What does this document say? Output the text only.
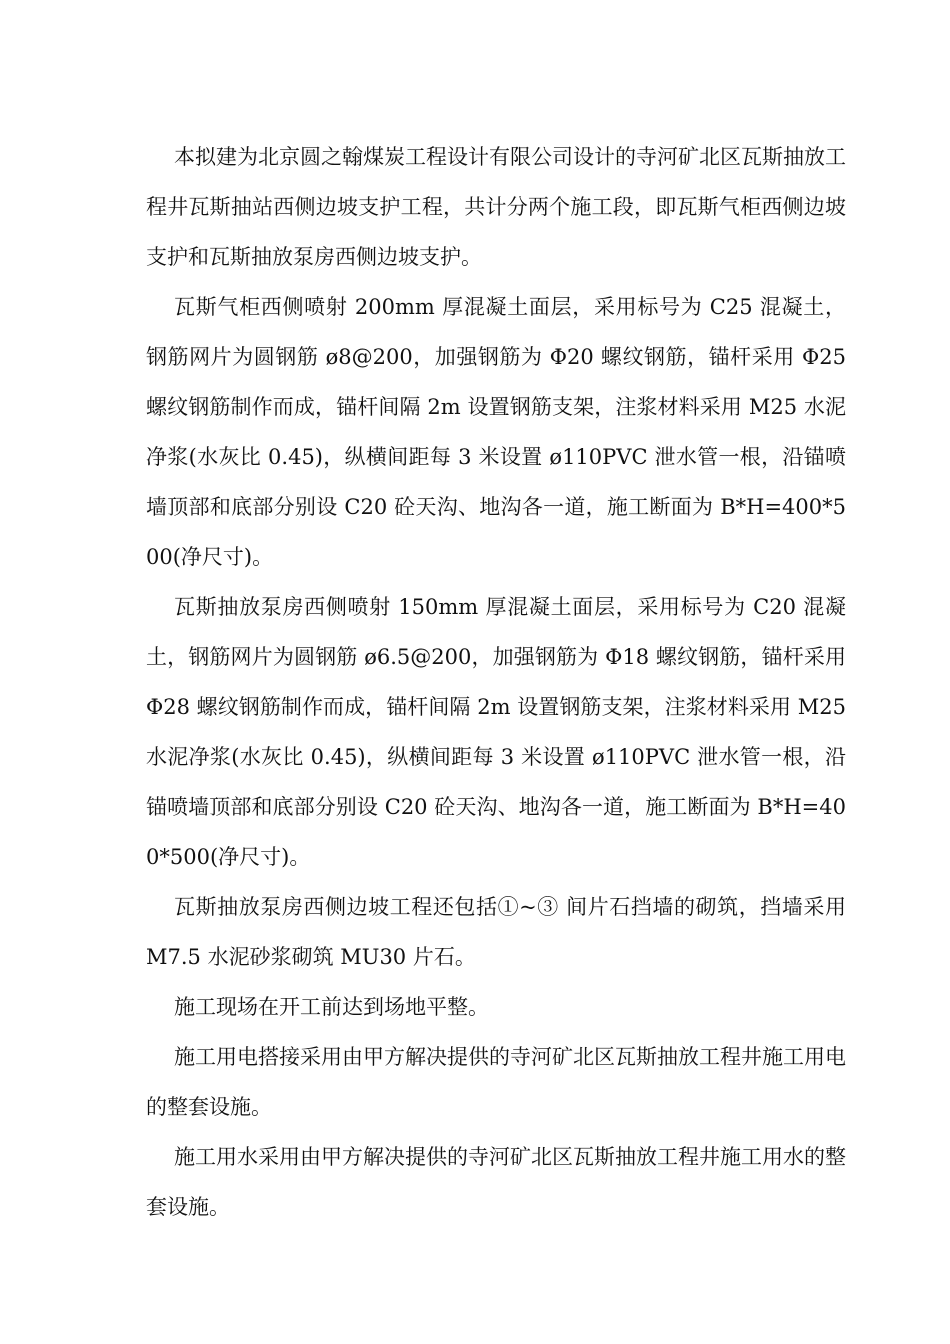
本拟建为北京圆之翰煤炭工程设计有限公司设计的寺河矿北区瓦斯抽放工程井瓦斯抽站西侧边坡支护工程，共计分两个施工段，即瓦斯气柜西侧边坡支护和瓦斯抽放泵房西侧边坡支护。

瓦斯气柜西侧喷射 200mm 厚混凝土面层，采用标号为 C25 混凝土，钢筋网片为圆钢筋 ø8@200，加强钢筋为 Φ20 螺纹钢筋，锚杆采用 Φ25 螺纹钢筋制作而成，锚杆间隔 2m 设置钢筋支架，注浆材料采用 M25 水泥净浆(水灰比 0.45)，纵横间距每 3 米设置 ø110PVC 泄水管一根，沿锚喷墙顶部和底部分别设 C20 砼天沟、地沟各一道，施工断面为 B*H=400*500(净尺寸)。

瓦斯抽放泵房西侧喷射 150mm 厚混凝土面层，采用标号为 C20 混凝土，钢筋网片为圆钢筋 ø6.5@200，加强钢筋为 Φ18 螺纹钢筋，锚杆采用 Φ28 螺纹钢筋制作而成，锚杆间隔 2m 设置钢筋支架，注浆材料采用 M25 水泥净浆(水灰比 0.45)，纵横间距每 3 米设置 ø110PVC 泄水管一根，沿锚喷墙顶部和底部分别设 C20 砼天沟、地沟各一道，施工断面为 B*H=400*500(净尺寸)。

瓦斯抽放泵房西侧边坡工程还包括①~③ 间片石挡墙的砌筑，挡墙采用 M7.5 水泥砂浆砌筑 MU30 片石。

施工现场在开工前达到场地平整。

施工用电搭接采用由甲方解决提供的寺河矿北区瓦斯抽放工程井施工用电的整套设施。

施工用水采用由甲方解决提供的寺河矿北区瓦斯抽放工程井施工用水的整套设施。
